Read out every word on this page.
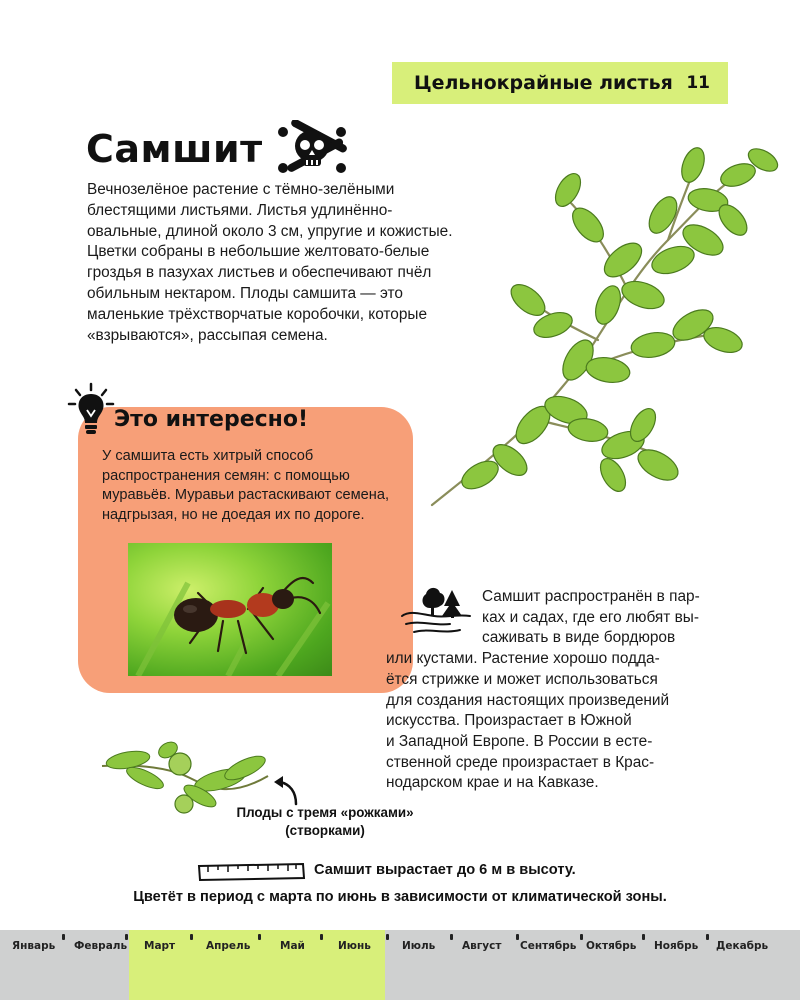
Цельнокрайные листья 11
Самшит

Вечнозелёное растение с тёмно-зелёными блестящими листьями. Листья удлинённо-овальные, длиной около 3 см, упругие и кожистые. Цветки собраны в небольшие желтовато-белые гроздья в пазухах листьев и обеспечивают пчёл обильным нектаром. Плоды самшита — это маленькие трёхстворчатые коробочки, которые «взрываются», рассыпая семена.

Это интересно!

У самшита есть хитрый способ распространения семян: с помощью муравьёв. Муравьи растаскивают семена, надгрызая, но не доедая их по дороге.

Самшит распространён в пар-
ках и садах, где его любят вы-
саживать в виде бордюров
или кустами. Растение хорошо подда-
ётся стрижке и может использоваться
для создания настоящих произведений
искусства. Произрастает в Южной
и Западной Европе. В России в есте-
ственной среде произрастает в Крас-
нодарском крае и на Кавказе.
Плоды с тремя «рожками» (створками)
Самшит вырастает до 6 м в высоту.
Цветёт в период с марта по июнь в зависимости от климатической зоны.
Январь Февраль Март	Апрель	Май	Июнь	Июль	Август Сентябрь Октябрь Ноябрь Декабрь
